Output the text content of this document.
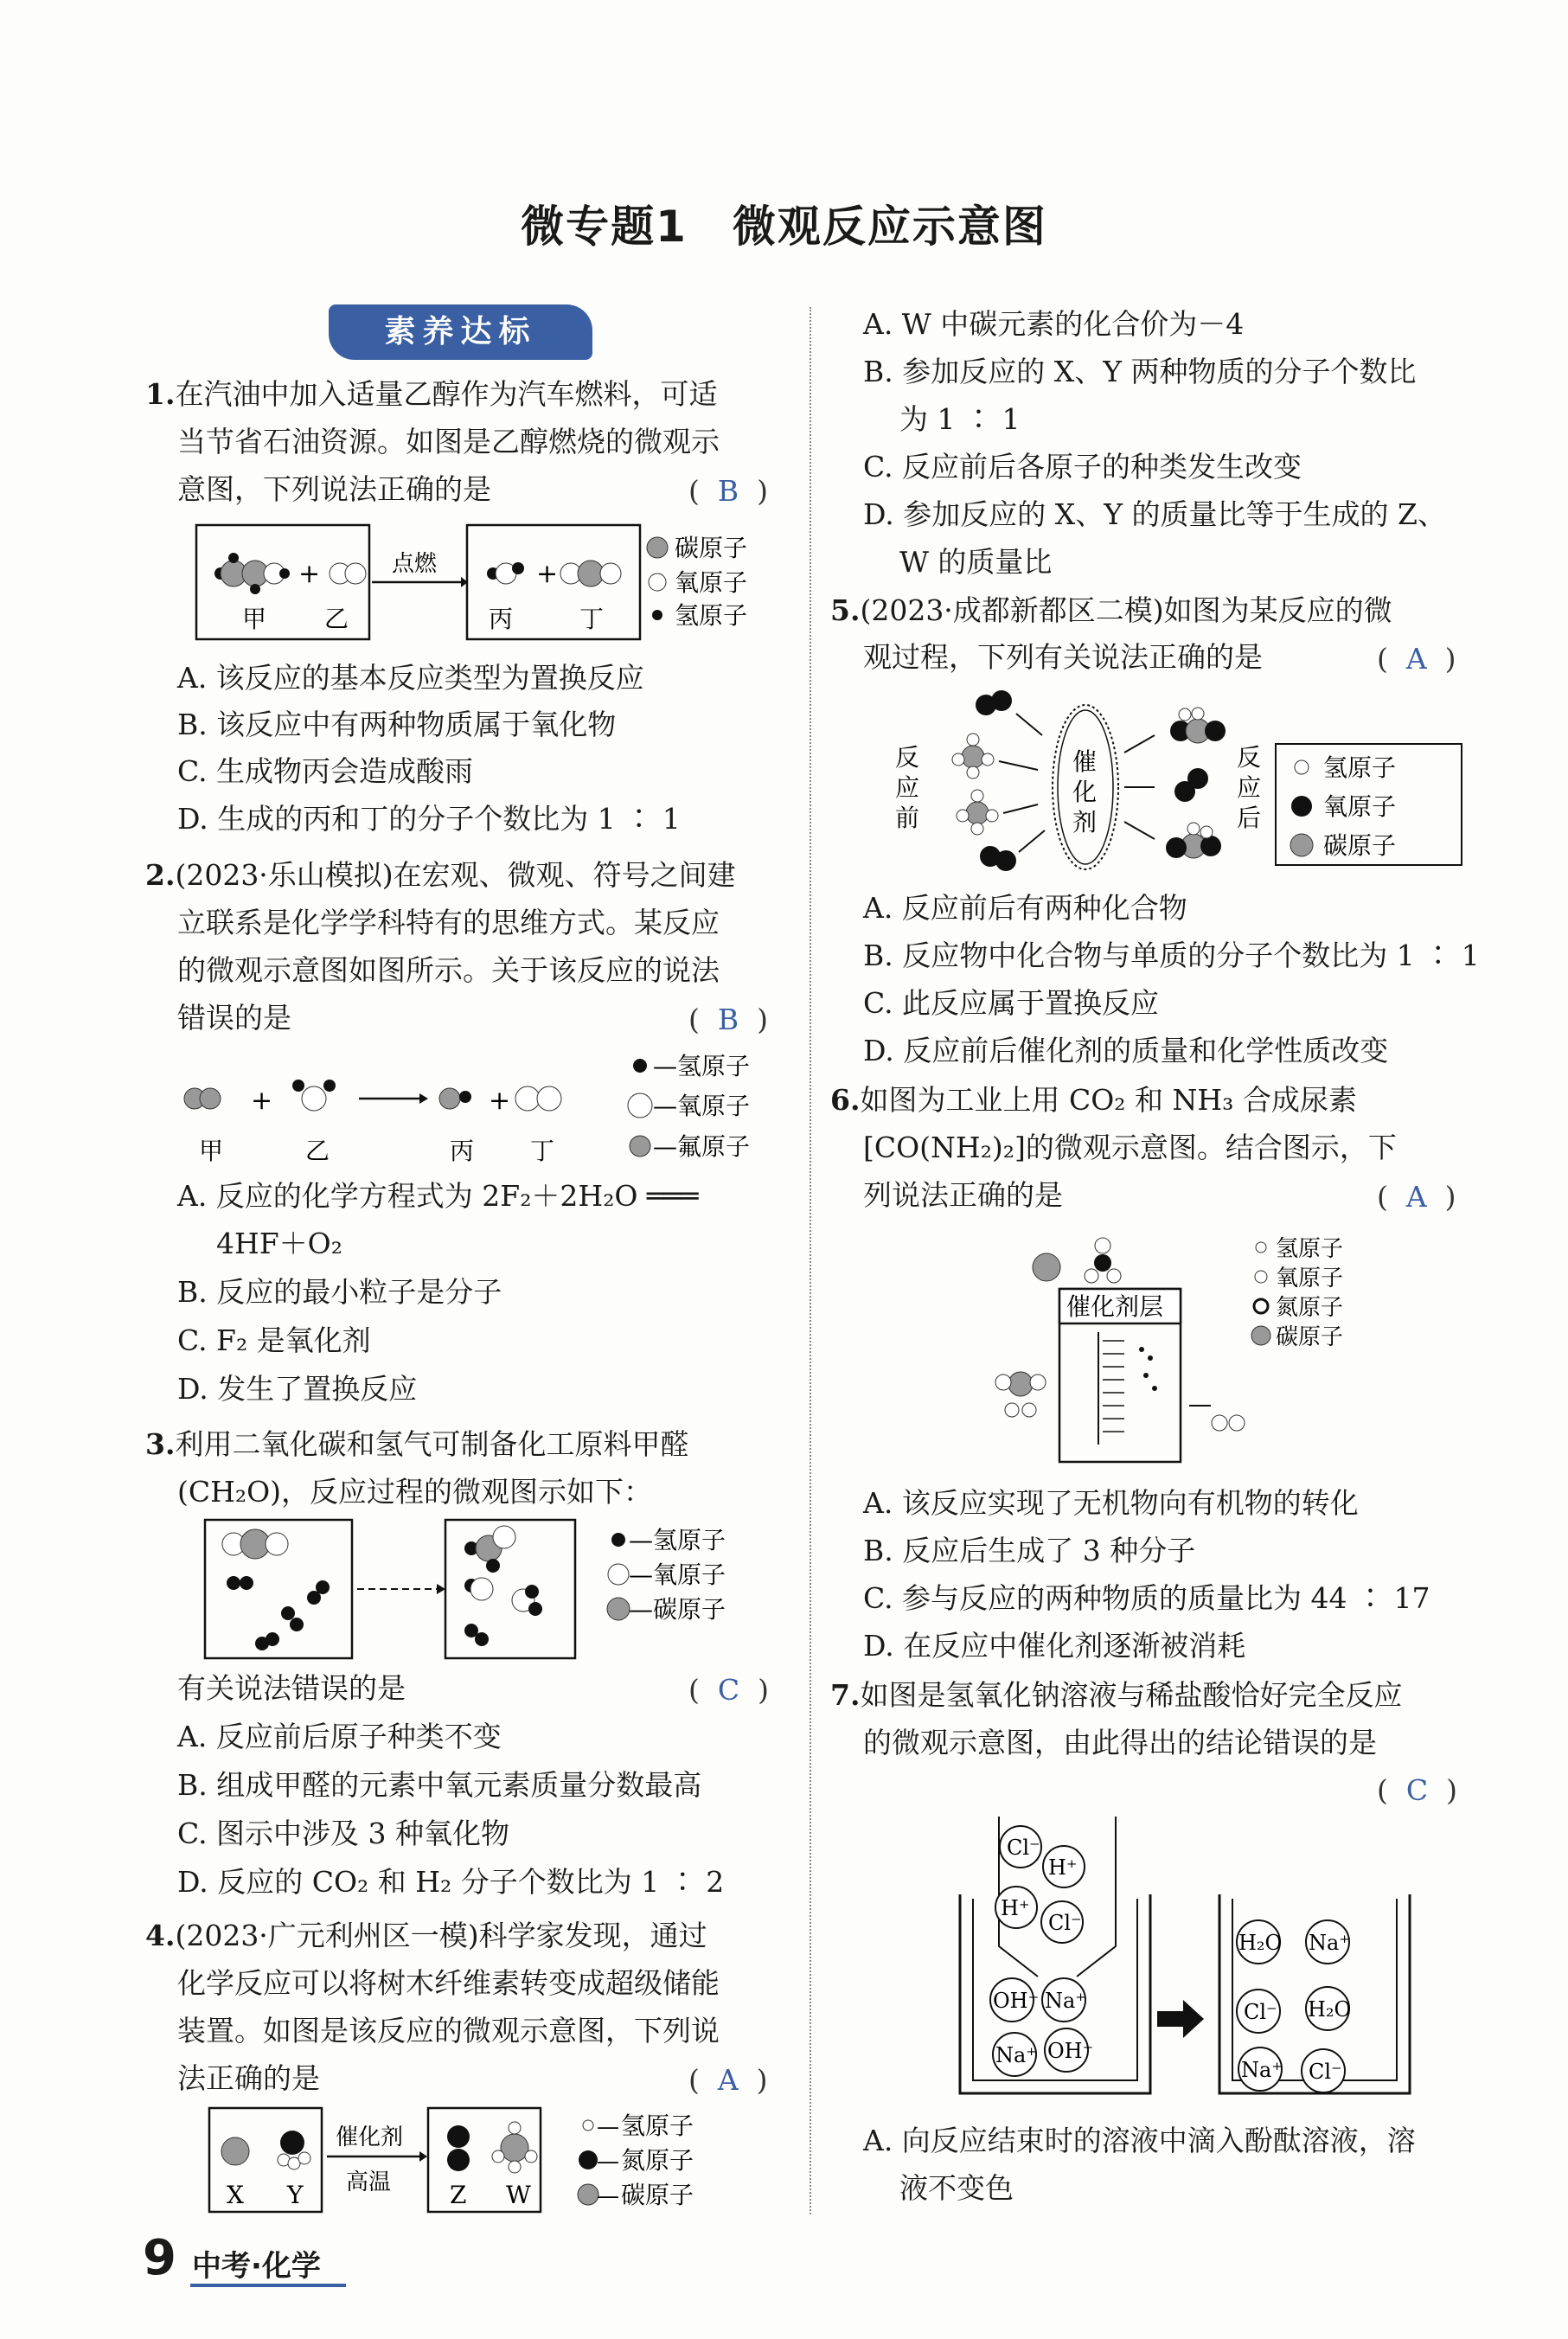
微专题1　微观反应示意图
素养达标
1.在汽油中加入适量乙醇作为汽车燃料，可适
当节省石油资源。如图是乙醇燃烧的微观示
意图，下列说法正确的是	(  B  )
+
甲 乙
点燃	+
丙	丁
碳原子
氧原子
氢原子
A. 该反应的基本反应类型为置换反应
B. 该反应中有两种物质属于氧化物
C. 生成物丙会造成酸雨
D. 生成的丙和丁的分子个数比为 1 ∶ 1
2.(2023·乐山模拟)在宏观、微观、符号之间建
立联系是化学学科特有的思维方式。某反应
的微观示意图如图所示。关于该反应的说法
错误的是	(  B  )
+	+
甲	乙	丙 丁
— 氢原子
— 氧原子
— 氟原子
A. 反应的化学方程式为 2F₂＋2H₂O ═══
4HF＋O₂
B. 反应的最小粒子是分子
C. F₂ 是氧化剂
D. 发生了置换反应
3.利用二氧化碳和氢气可制备化工原料甲醛
(CH₂O)，反应过程的微观图示如下：
— 氢原子
— 氧原子
— 碳原子
有关说法错误的是	(  C  )
A. 反应前后原子种类不变
B. 组成甲醛的元素中氧元素质量分数最高
C. 图示中涉及 3 种氧化物
D. 反应的 CO₂ 和 H₂ 分子个数比为 1 ∶ 2
4.(2023·广元利州区一模)科学家发现，通过
化学反应可以将树木纤维素转变成超级储能
装置。如图是该反应的微观示意图，下列说
法正确的是	(  A  )
X Y
催化剂
高温 Z W
— 氢原子
— 氮原子
— 碳原子
A. W 中碳元素的化合价为－4
B. 参加反应的 X、Y 两种物质的分子个数比
为 1 ∶ 1
C. 反应前后各原子的种类发生改变
D. 参加反应的 X、Y 的质量比等于生成的 Z、
W 的质量比
5.(2023·成都新都区二模)如图为某反应的微
观过程，下列有关说法正确的是	(  A  )
反
应
前
催
化
剂
反
应
后
氢原子
氧原子
碳原子
A. 反应前后有两种化合物
B. 反应物中化合物与单质的分子个数比为 1 ∶ 1
C. 此反应属于置换反应
D. 反应前后催化剂的质量和化学性质改变
6.如图为工业上用 CO₂ 和 NH₃ 合成尿素
[CO(NH₂)₂]的微观示意图。结合图示，下
列说法正确的是	(  A  )
催化剂层
氢原子
氧原子
氮原子
碳原子
A. 该反应实现了无机物向有机物的转化
B. 反应后生成了 3 种分子
C. 参与反应的两种物质的质量比为 44 ∶ 17
D. 在反应中催化剂逐渐被消耗
7.如图是氢氧化钠溶液与稀盐酸恰好完全反应
的微观示意图，由此得出的结论错误的是
(  C  )
Cl⁻
H⁺
H⁺
Cl⁻
OH⁻ Na⁺
Na⁺ OH⁻
H₂O Na⁺
Cl⁻ H₂O
Na⁺ Cl⁻
A. 向反应结束时的溶液中滴入酚酞溶液，溶
液不变色
9 中考·化学
